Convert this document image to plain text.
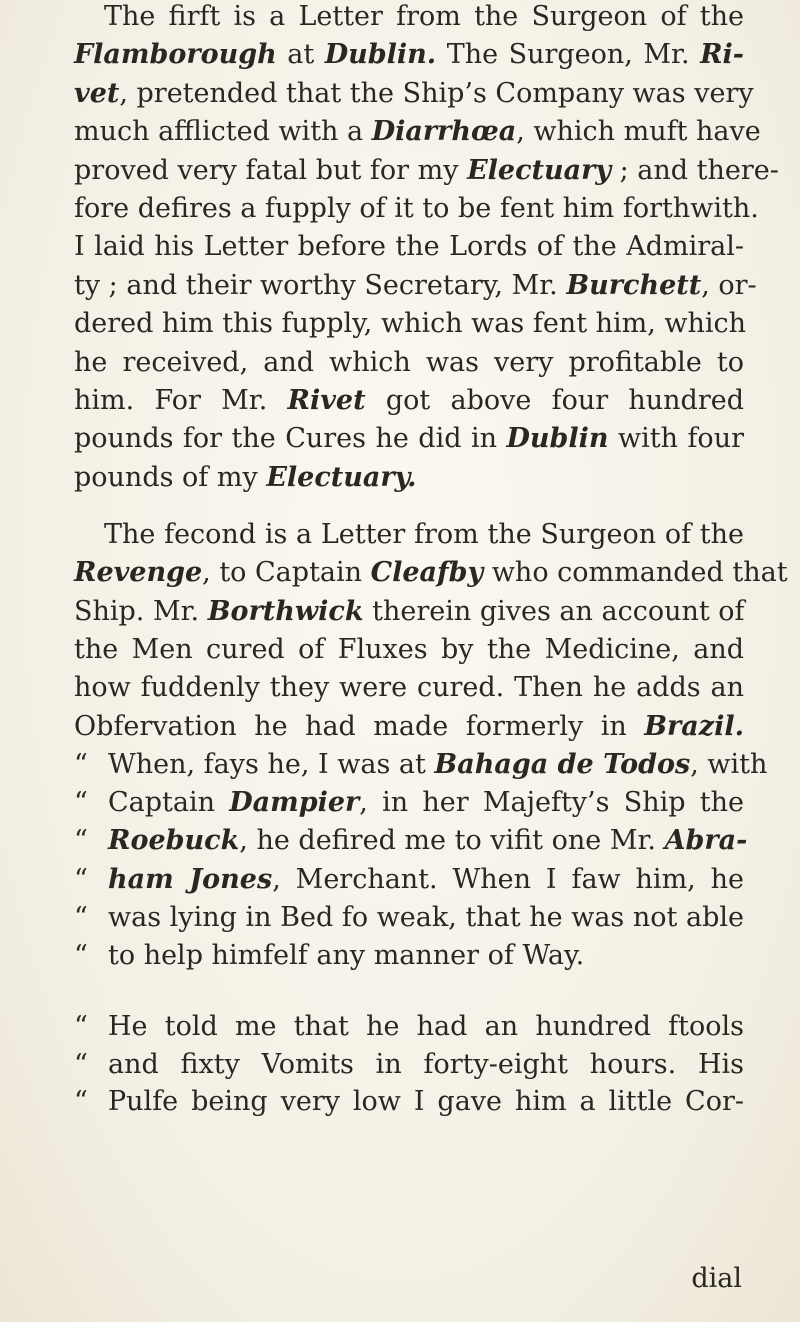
The firft is a Letter from the Surgeon of the
Flamborough at Dublin. The Surgeon, Mr. Ri-
vet, pretended that the Ship’s Company was very
much afflicted with a Diarrhœa, which muft have
proved very fatal but for my Electuary ; and there-
fore defires a fupply of it to be fent him forthwith.
I laid his Letter before the Lords of the Admiral-
ty ; and their worthy Secretary, Mr. Burchett, or-
dered him this fupply, which was fent him, which
he received, and which was very profitable to
him. For Mr. Rivet got above four hundred
pounds for the Cures he did in Dublin with four
pounds of my Electuary.
The fecond is a Letter from the Surgeon of the
Revenge, to Captain Cleafby who commanded that
Ship. Mr. Borthwick therein gives an account of
the Men cured of Fluxes by the Medicine, and
how fuddenly they were cured. Then he adds an
Obfervation he had made formerly in Brazil.
“ When, fays he, I was at Bahaga de Todos, with
“ Captain Dampier, in her Majefty’s Ship the
“ Roebuck, he defired me to vifit one Mr. Abra-
“ ham Jones, Merchant. When I faw him, he
“ was lying in Bed fo weak, that he was not able
“ to help himfelf any manner of Way.
“ He told me that he had an hundred ftools
“ and fixty Vomits in forty-eight hours. His
“ Pulfe being very low I gave him a little Cor-
dial
